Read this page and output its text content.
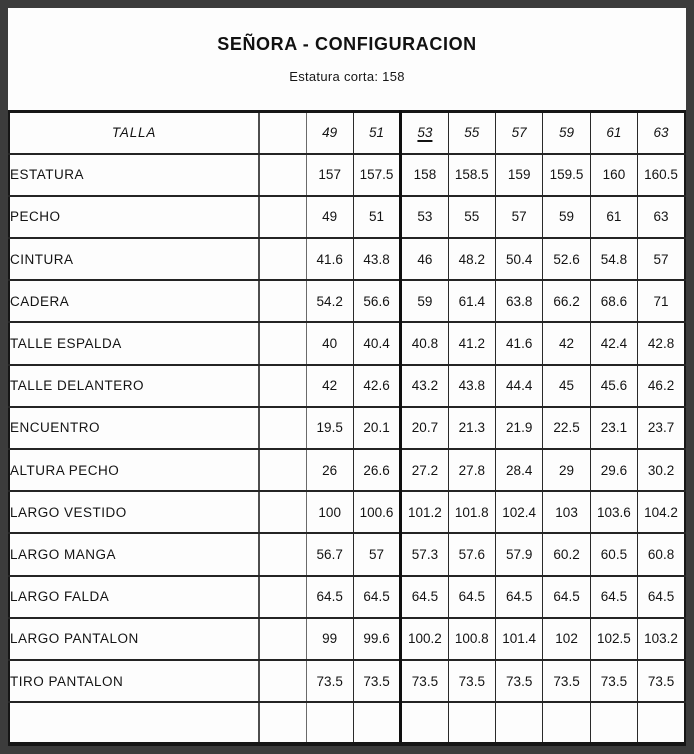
SEÑORA - CONFIGURACION
Estatura corta: 158
TALLA		49	51	53	55	57	59	61	63
ESTATURA		157	157.5	158	158.5	159	159.5	160	160.5
PECHO		49	51	53	55	57	59	61	63
CINTURA		41.6	43.8	46	48.2	50.4	52.6	54.8	57
CADERA		54.2	56.6	59	61.4	63.8	66.2	68.6	71
TALLE ESPALDA		40	40.4	40.8	41.2	41.6	42	42.4	42.8
TALLE DELANTERO		42	42.6	43.2	43.8	44.4	45	45.6	46.2
ENCUENTRO		19.5	20.1	20.7	21.3	21.9	22.5	23.1	23.7
ALTURA PECHO		26	26.6	27.2	27.8	28.4	29	29.6	30.2
LARGO VESTIDO		100	100.6	101.2	101.8	102.4	103	103.6	104.2
LARGO MANGA		56.7	57	57.3	57.6	57.9	60.2	60.5	60.8
LARGO FALDA		64.5	64.5	64.5	64.5	64.5	64.5	64.5	64.5
LARGO PANTALON		99	99.6	100.2	100.8	101.4	102	102.5	103.2
TIRO PANTALON		73.5	73.5	73.5	73.5	73.5	73.5	73.5	73.5
